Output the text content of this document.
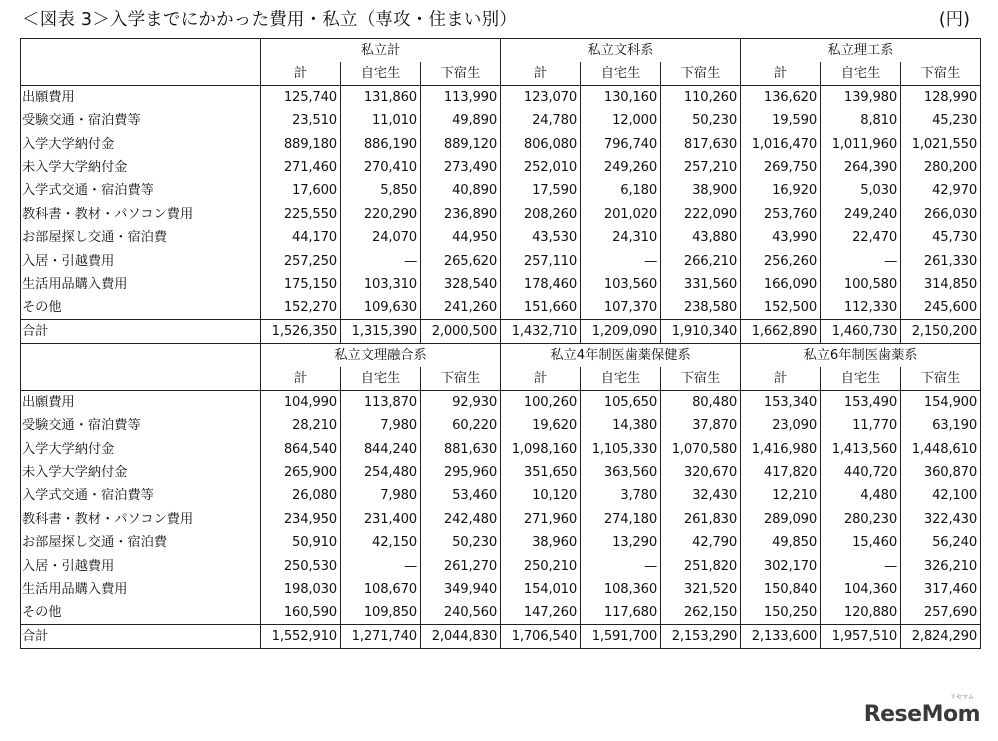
＜図表 3＞入学までにかかった費用・私立（専攻・住まい別）	(円)
	私立計			私立文科系			私立理工系		
	計	自宅生	下宿生	計	自宅生	下宿生	計	自宅生	下宿生
出願費用	125,740	131,860	113,990	123,070	130,160	110,260	136,620	139,980	128,990
受験交通・宿泊費等	23,510	11,010	49,890	24,780	12,000	50,230	19,590	8,810	45,230
入学大学納付金	889,180	886,190	889,120	806,080	796,740	817,630	1,016,470	1,011,960	1,021,550
未入学大学納付金	271,460	270,410	273,490	252,010	249,260	257,210	269,750	264,390	280,200
入学式交通・宿泊費等	17,600	5,850	40,890	17,590	6,180	38,900	16,920	5,030	42,970
教科書・教材・パソコン費用	225,550	220,290	236,890	208,260	201,020	222,090	253,760	249,240	266,030
お部屋探し交通・宿泊費	44,170	24,070	44,950	43,530	24,310	43,880	43,990	22,470	45,730
入居・引越費用	257,250	—	265,620	257,110	—	266,210	256,260	—	261,330
生活用品購入費用	175,150	103,310	328,540	178,460	103,560	331,560	166,090	100,580	314,850
その他	152,270	109,630	241,260	151,660	107,370	238,580	152,500	112,330	245,600
合計	1,526,350	1,315,390	2,000,500	1,432,710	1,209,090	1,910,340	1,662,890	1,460,730	2,150,200
	私立文理融合系			私立4年制医歯薬保健系			私立6年制医歯薬系		
	計	自宅生	下宿生	計	自宅生	下宿生	計	自宅生	下宿生
出願費用	104,990	113,870	92,930	100,260	105,650	80,480	153,340	153,490	154,900
受験交通・宿泊費等	28,210	7,980	60,220	19,620	14,380	37,870	23,090	11,770	63,190
入学大学納付金	864,540	844,240	881,630	1,098,160	1,105,330	1,070,580	1,416,980	1,413,560	1,448,610
未入学大学納付金	265,900	254,480	295,960	351,650	363,560	320,670	417,820	440,720	360,870
入学式交通・宿泊費等	26,080	7,980	53,460	10,120	3,780	32,430	12,210	4,480	42,100
教科書・教材・パソコン費用	234,950	231,400	242,480	271,960	274,180	261,830	289,090	280,230	322,430
お部屋探し交通・宿泊費	50,910	42,150	50,230	38,960	13,290	42,790	49,850	15,460	56,240
入居・引越費用	250,530	—	261,270	250,210	—	251,820	302,170	—	326,210
生活用品購入費用	198,030	108,670	349,940	154,010	108,360	321,520	150,840	104,360	317,460
その他	160,590	109,850	240,560	147,260	117,680	262,150	150,250	120,880	257,690
合計	1,552,910	1,271,740	2,044,830	1,706,540	1,591,700	2,153,290	2,133,600	1,957,510	2,824,290
リセマム
ReseMom
